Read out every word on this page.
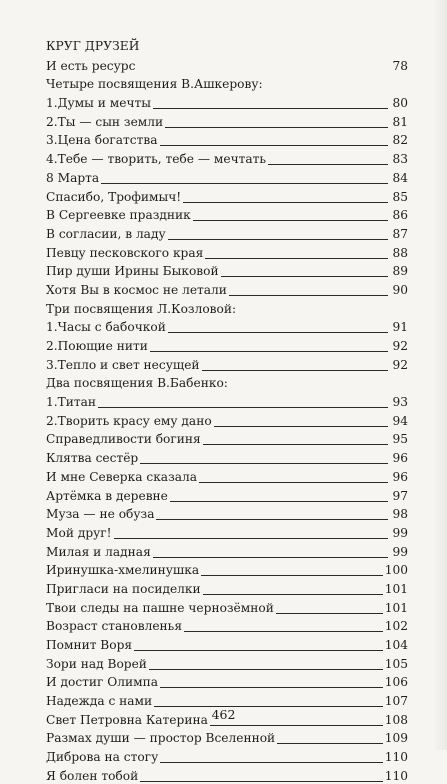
КРУГ ДРУЗЕЙ
И есть ресурс	78
Четыре посвящения В.Ашкерову:
1.Думы и мечты	80
2.Ты — сын земли	81
3.Цена богатства	82
4.Тебе — творить, тебе — мечтать	83
8 Марта	84
Спасибо, Трофимыч!	85
В Сергеевке праздник	86
В согласии, в ладу	87
Певцу песковского края	88
Пир души Ирины Быковой	89
Хотя Вы в космос не летали	90
Три посвящения Л.Козловой:
1.Часы с бабочкой	91
2.Поющие нити	92
3.Тепло и свет несущей	92
Два посвящения В.Бабенко:
1.Титан	93
2.Творить красу ему дано	94
Справедливости богиня	95
Клятва сестёр	96
И мне Северка сказала	96
Артёмка в деревне	97
Муза — не обуза	98
Мой друг!	99
Милая и ладная	99
Иринушка-хмелинушка	100
Пригласи на посиделки	101
Твои следы на пашне чернозёмной	101
Возраст становленья	102
Помнит Воря	104
Зори над Ворей	105
И достиг Олимпа	106
Надежда с нами	107
Свет Петровна Катерина	108
Размах души — простор Вселенной	109
Диброва на стогу	110
Я болен тобой	110
462
